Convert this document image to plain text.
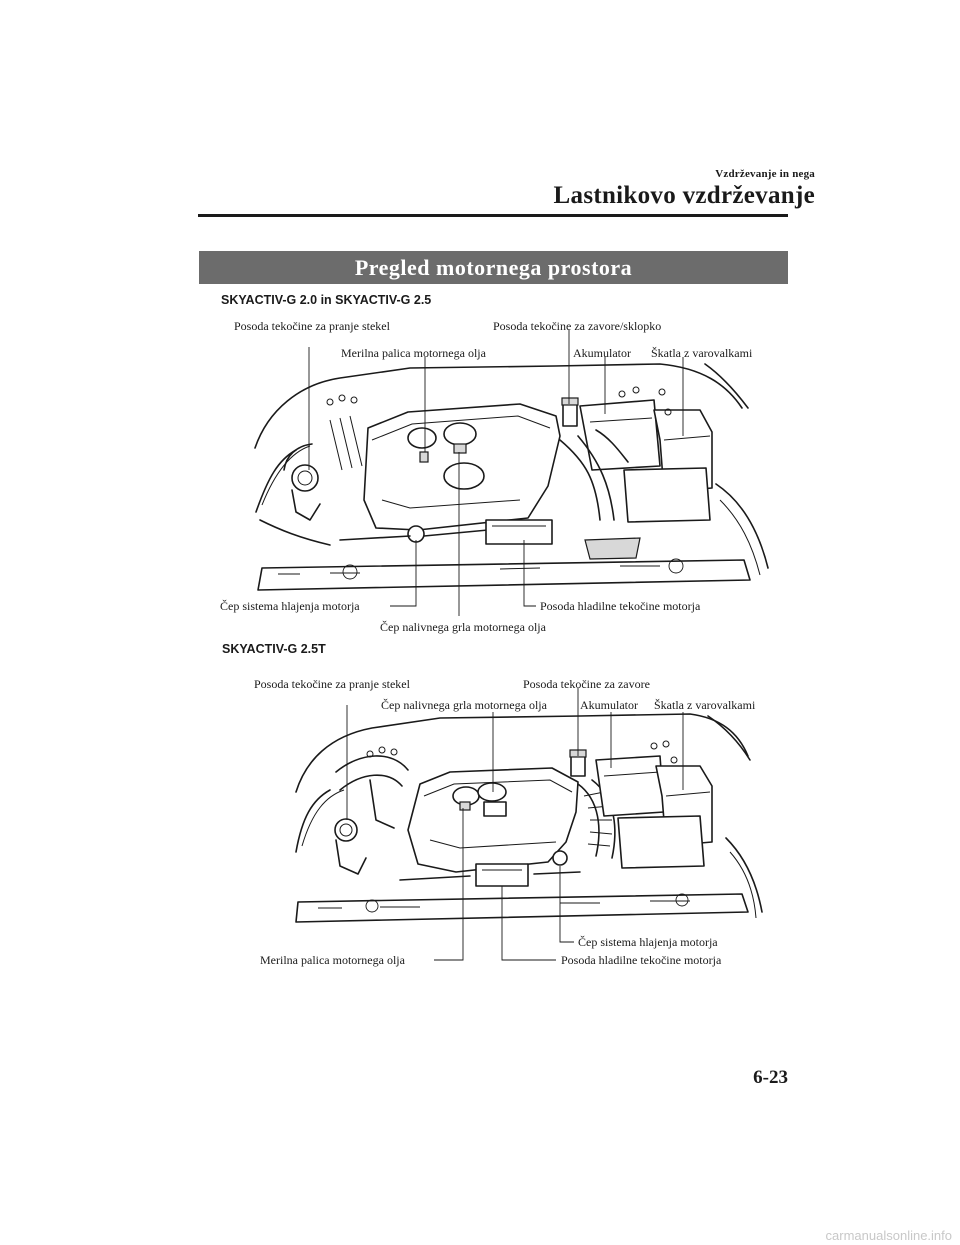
Vzdrževanje in nega
Lastnikovo vzdrževanje
Pregled motornega prostora
SKYACTIV-G 2.0 in SKYACTIV-G 2.5
Posoda tekočine za pranje stekel	Posoda tekočine za zavore/sklopko
Merilna palica motornega olja	Akumulator Škatla z varovalkami
Čep sistema hlajenja motorja	Posoda hladilne tekočine motorja
Čep nalivnega grla motornega olja
SKYACTIV-G 2.5T
Posoda tekočine za pranje stekel	Posoda tekočine za zavore
Čep nalivnega grla motornega olja	Akumulator Škatla z varovalkami
Čep sistema hlajenja motorja
Merilna palica motornega olja	Posoda hladilne tekočine motorja
6-23
carmanualsonline.info
